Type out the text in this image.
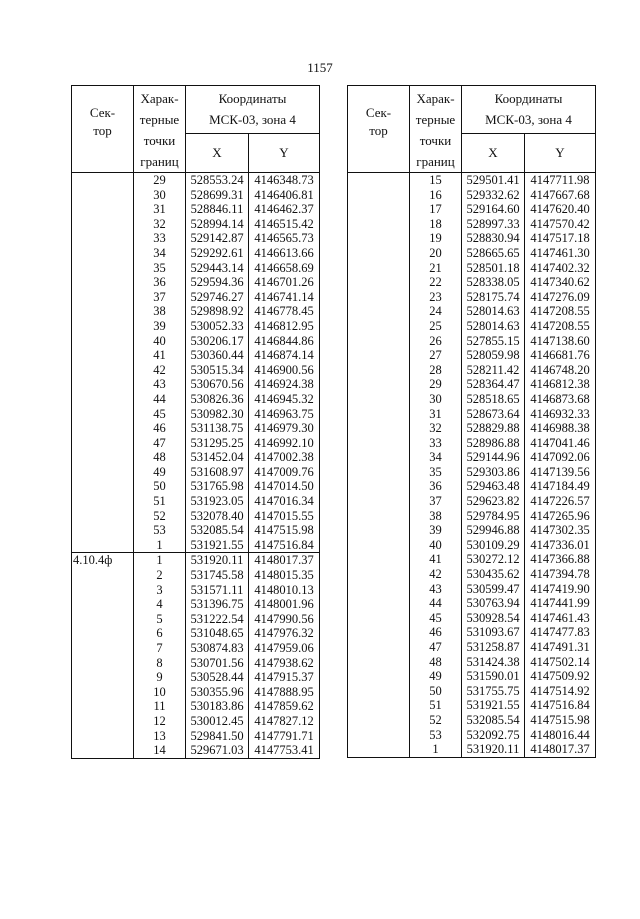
1157
Сек-
тор	Харак-
терные
точки
границ	Координаты
МСК-03, зона 4	
		X	Y
	29	528553.24	4146348.73
	30	528699.31	4146406.81
	31	528846.11	4146462.37
	32	528994.14	4146515.42
	33	529142.87	4146565.73
	34	529292.61	4146613.66
	35	529443.14	4146658.69
	36	529594.36	4146701.26
	37	529746.27	4146741.14
	38	529898.92	4146778.45
	39	530052.33	4146812.95
	40	530206.17	4146844.86
	41	530360.44	4146874.14
	42	530515.34	4146900.56
	43	530670.56	4146924.38
	44	530826.36	4146945.32
	45	530982.30	4146963.75
	46	531138.75	4146979.30
	47	531295.25	4146992.10
	48	531452.04	4147002.38
	49	531608.97	4147009.76
	50	531765.98	4147014.50
	51	531923.05	4147016.34
	52	532078.40	4147015.55
	53	532085.54	4147515.98
	1	531921.55	4147516.84
4.10.4ф	1	531920.11	4148017.37
	2	531745.58	4148015.35
	3	531571.11	4148010.13
	4	531396.75	4148001.96
	5	531222.54	4147990.56
	6	531048.65	4147976.32
	7	530874.83	4147959.06
	8	530701.56	4147938.62
	9	530528.44	4147915.37
	10	530355.96	4147888.95
	11	530183.86	4147859.62
	12	530012.45	4147827.12
	13	529841.50	4147791.71
	14	529671.03	4147753.41
Сек-
тор	Харак-
терные
точки
границ	Координаты
МСК-03, зона 4	
		X	Y
	15	529501.41	4147711.98
	16	529332.62	4147667.68
	17	529164.60	4147620.40
	18	528997.33	4147570.42
	19	528830.94	4147517.18
	20	528665.65	4147461.30
	21	528501.18	4147402.32
	22	528338.05	4147340.62
	23	528175.74	4147276.09
	24	528014.63	4147208.55
	25	528014.63	4147208.55
	26	527855.15	4147138.60
	27	528059.98	4146681.76
	28	528211.42	4146748.20
	29	528364.47	4146812.38
	30	528518.65	4146873.68
	31	528673.64	4146932.33
	32	528829.88	4146988.38
	33	528986.88	4147041.46
	34	529144.96	4147092.06
	35	529303.86	4147139.56
	36	529463.48	4147184.49
	37	529623.82	4147226.57
	38	529784.95	4147265.96
	39	529946.88	4147302.35
	40	530109.29	4147336.01
	41	530272.12	4147366.88
	42	530435.62	4147394.78
	43	530599.47	4147419.90
	44	530763.94	4147441.99
	45	530928.54	4147461.43
	46	531093.67	4147477.83
	47	531258.87	4147491.31
	48	531424.38	4147502.14
	49	531590.01	4147509.92
	50	531755.75	4147514.92
	51	531921.55	4147516.84
	52	532085.54	4147515.98
	53	532092.75	4148016.44
	1	531920.11	4148017.37
